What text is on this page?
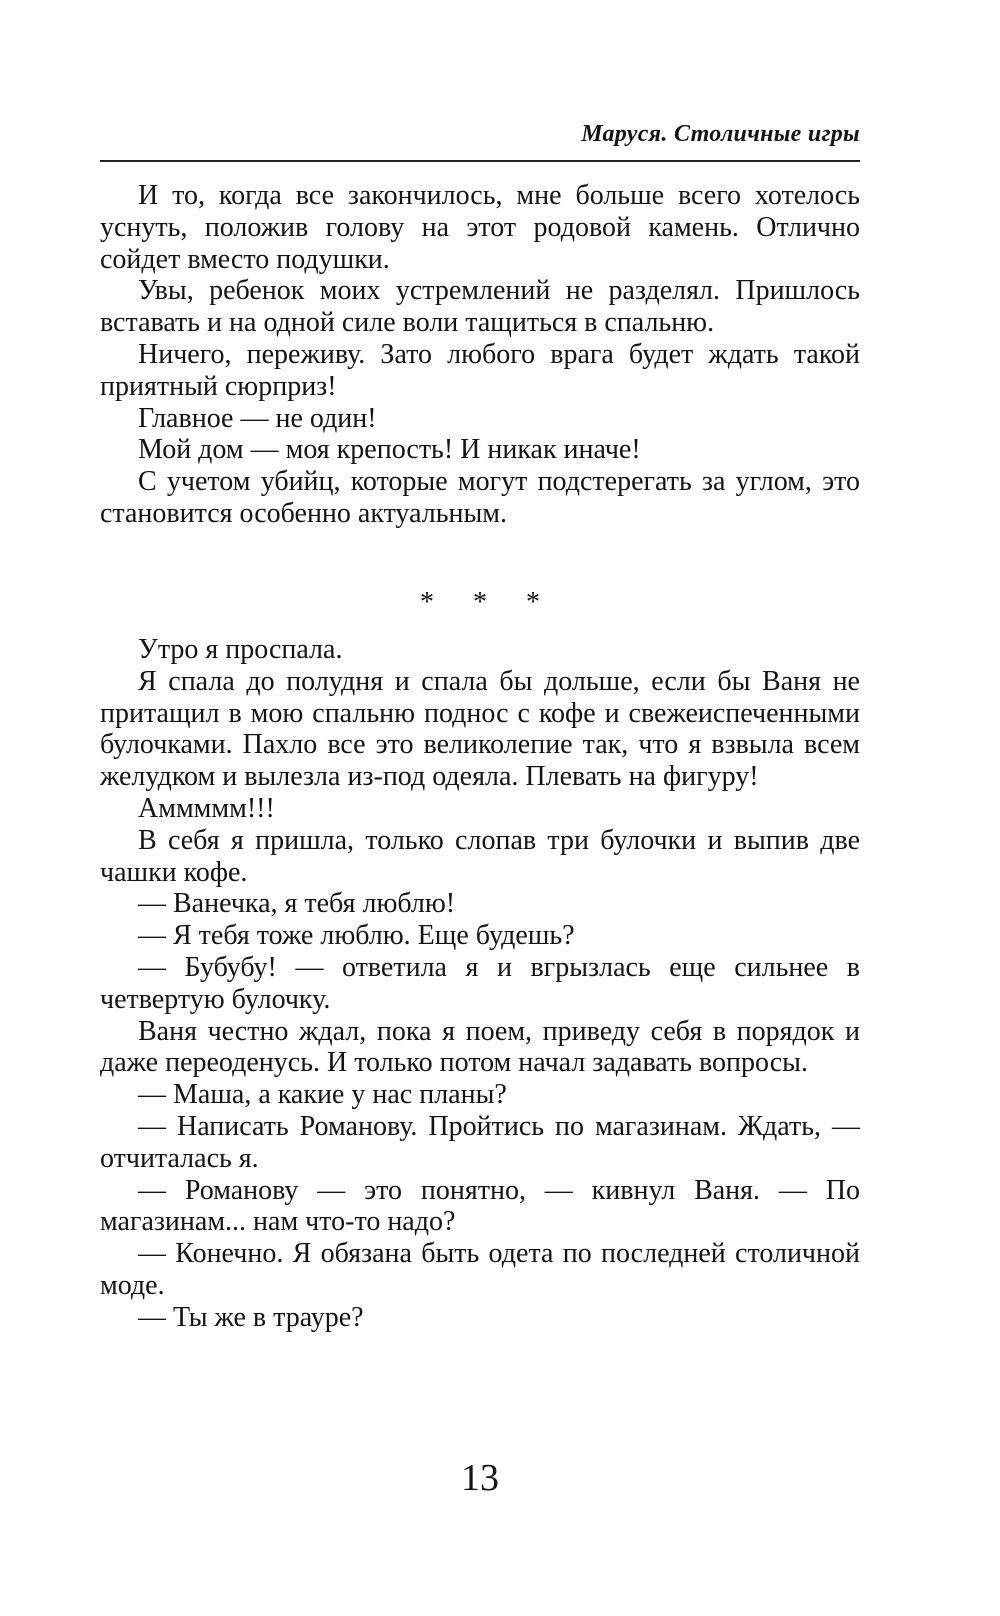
Маруся. Столичные игры

И то, когда все закончилось, мне больше всего хотелось уснуть, положив голову на этот родовой камень. Отлично сойдет вместо подушки.

Увы, ребенок моих устремлений не разделял. Пришлось вставать и на одной силе воли тащиться в спальню.

Ничего, переживу. Зато любого врага будет ждать такой приятный сюрприз!

Главное — не один!

Мой дом — моя крепость! И никак иначе!

С учетом убийц, которые могут подстерегать за углом, это становится особенно актуальным.

* * *

Утро я проспала.

Я спала до полудня и спала бы дольше, если бы Ваня не притащил в мою спальню поднос с кофе и свежеиспеченными булочками. Пахло все это великолепие так, что я взвыла всем желудком и вылезла из-под одеяла. Плевать на фигуру!

Аммммм!!!

В себя я пришла, только слопав три булочки и выпив две чашки кофе.

— Ванечка, я тебя люблю!

— Я тебя тоже люблю. Еще будешь?

— Бубубу! — ответила я и вгрызлась еще сильнее в четвертую булочку.

Ваня честно ждал, пока я поем, приведу себя в порядок и даже переоденусь. И только потом начал задавать вопросы.

— Маша, а какие у нас планы?

— Написать Романову. Пройтись по магазинам. Ждать, — отчиталась я.

— Романову — это понятно, — кивнул Ваня. — По магазинам... нам что-то надо?

— Конечно. Я обязана быть одета по последней столичной моде.

— Ты же в трауре?

13
